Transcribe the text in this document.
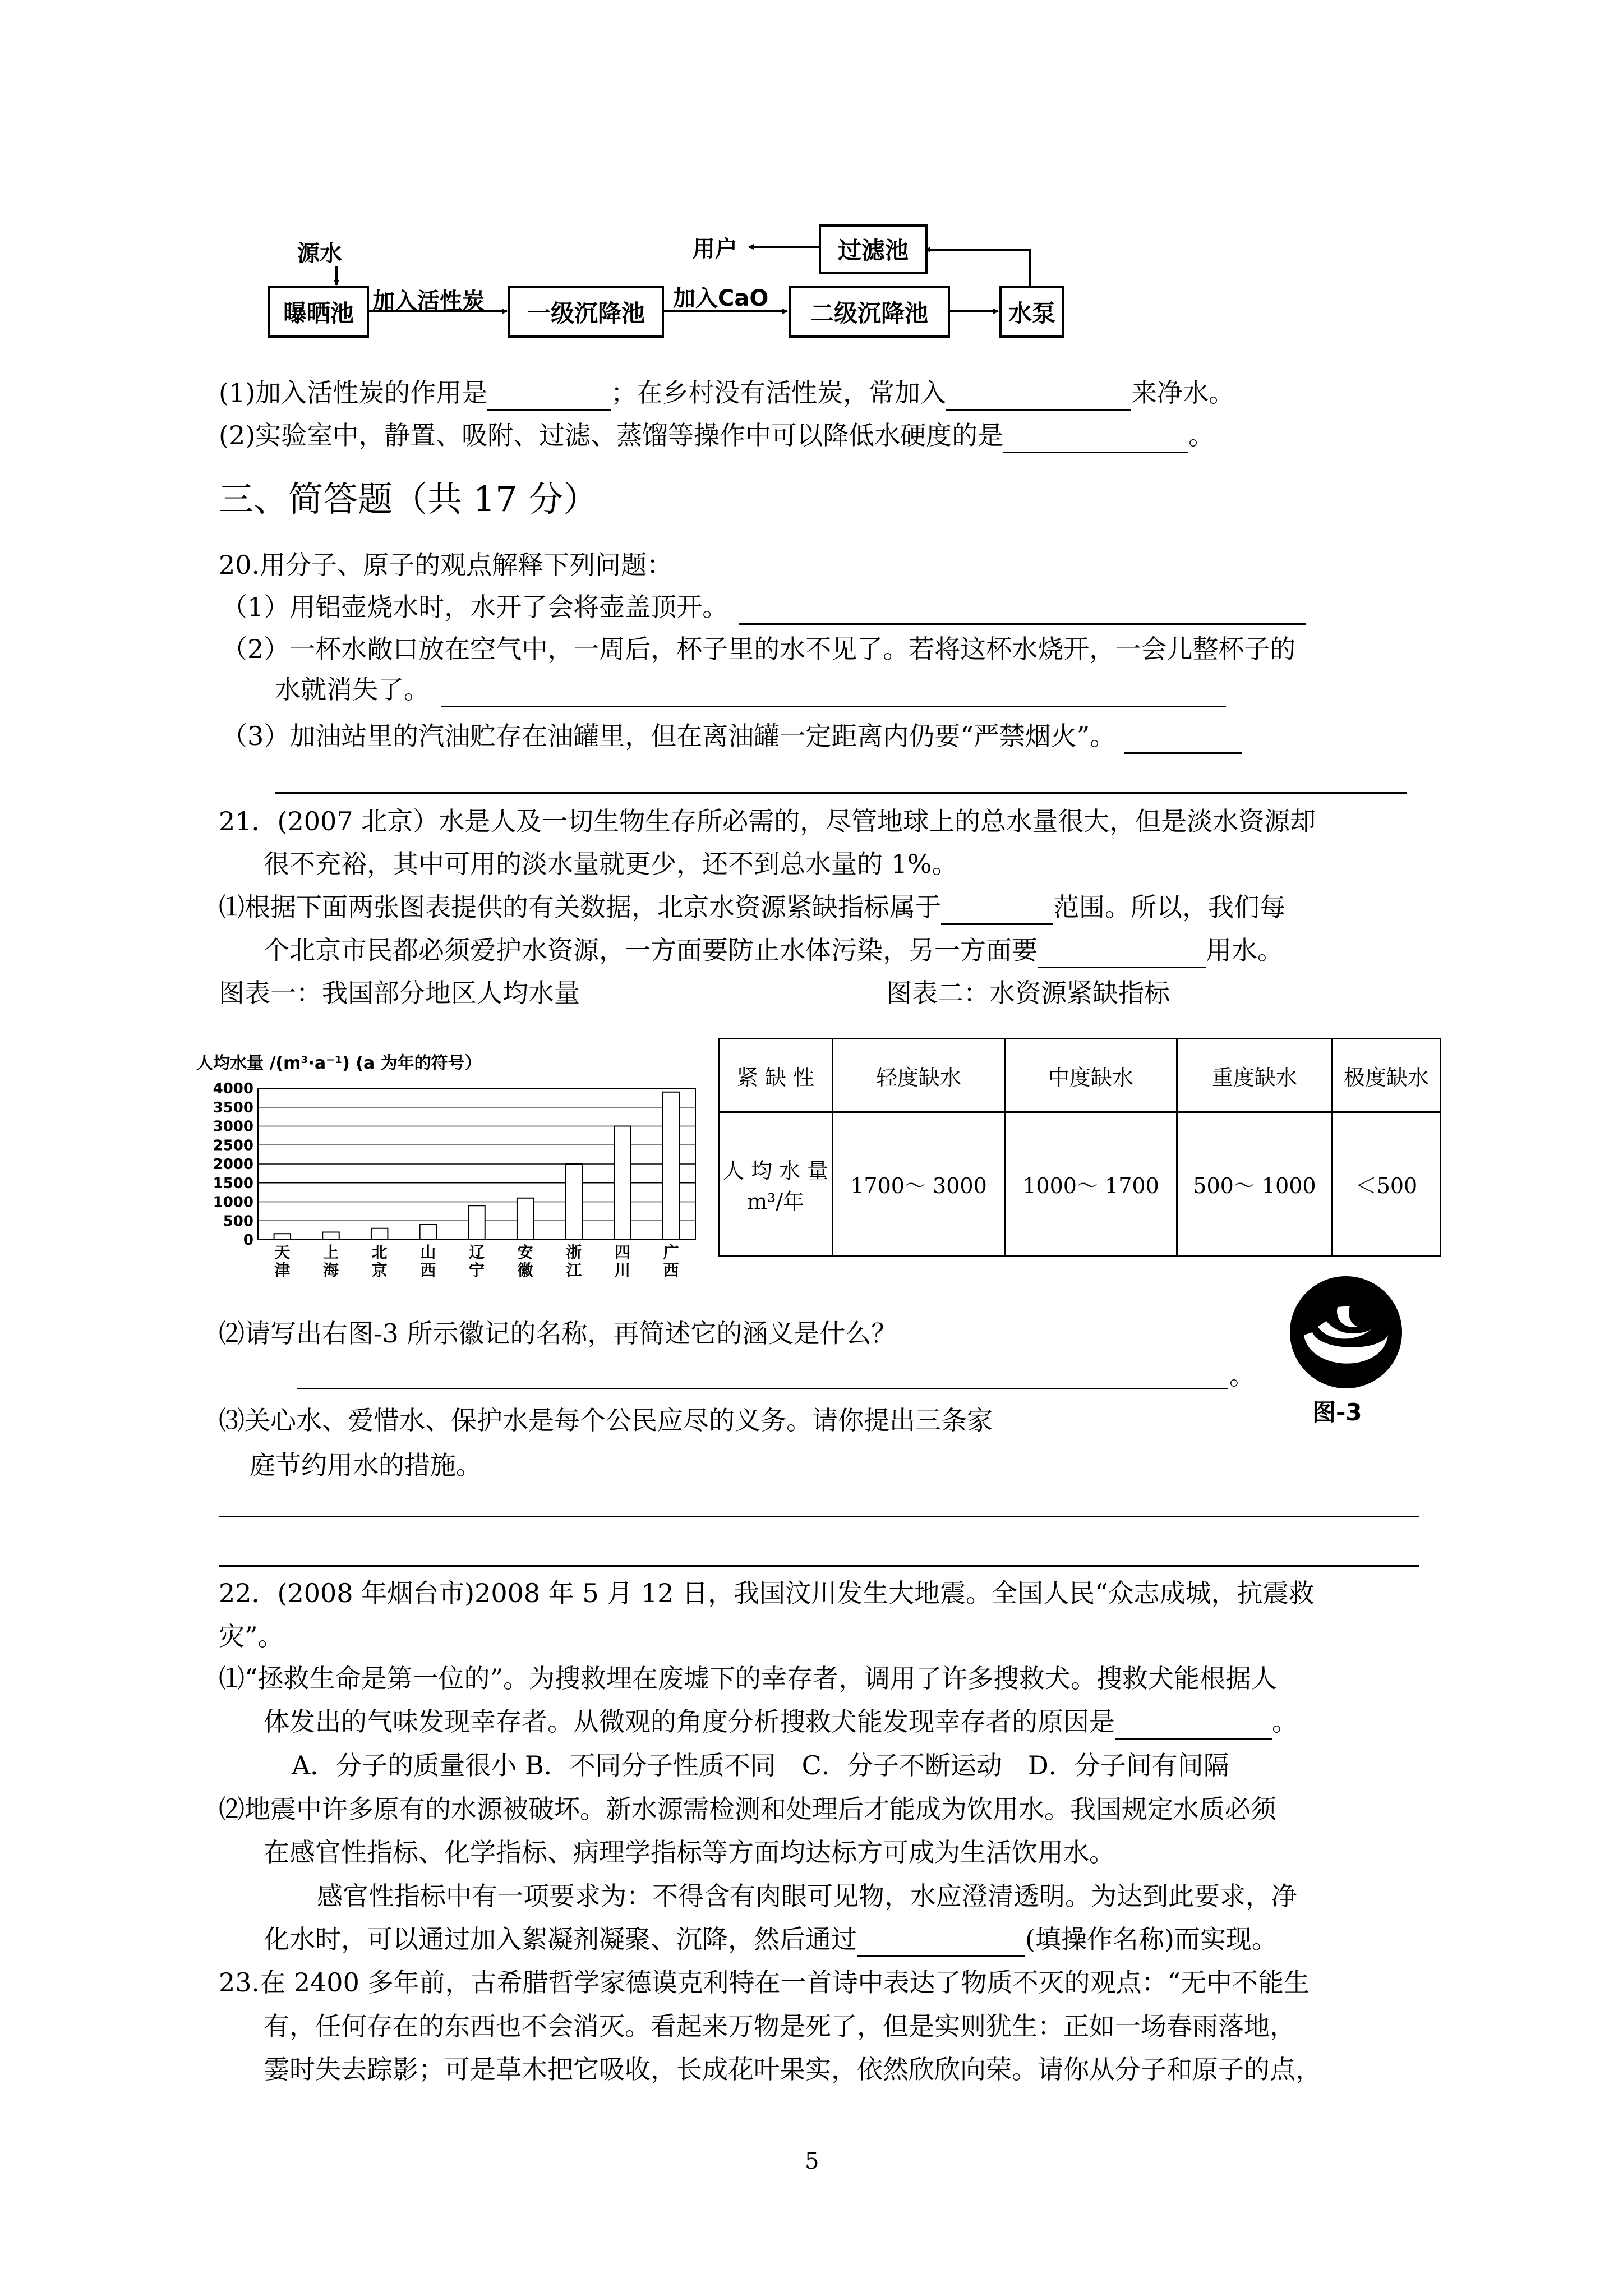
源水	用户	过滤池
曝晒池 加入活性炭	一级沉降池
加入CaO
二级沉降池	水泵
(1)加入活性炭的作用是	；在乡村没有活性炭，常加入	来净水。
(2)实验室中，静置、吸附、过滤、蒸馏等操作中可以降低水硬度的是	。
三、简答题（共 17 分）
20.用分子、原子的观点解释下列问题：
（1）用铝壶烧水时，水开了会将壶盖顶开。
（2）一杯水敞口放在空气中，一周后，杯子里的水不见了。若将这杯水烧开，一会儿整杯子的
水就消失了。
（3）加油站里的汽油贮存在油罐里，但在离油罐一定距离内仍要“严禁烟火”。
21．(2007 北京）水是人及一切生物生存所必需的，尽管地球上的总水量很大，但是淡水资源却
很不充裕，其中可用的淡水量就更少，还不到总水量的 1%。
⑴根据下面两张图表提供的有关数据，北京水资源紧缺指标属于	范围。所以，我们每
个北京市民都必须爱护水资源，一方面要防止水体污染，另一方面要	用水。
图表一：我国部分地区人均水量	图表二：水资源紧缺指标
人均水量 /(m³·a⁻¹) (a 为年的符号）
0
500
1000
1500
2000
2500
3000
3500
4000
天
津
上
海
北
京
山
西
辽
宁
安
徽
浙
江
四
川
广
西
紧 缺 性	轻度缺水	中度缺水	重度缺水	极度缺水
人 均 水 量 m³/年	1700～ 3000	1000～ 1700	500～ 1000	＜500
图-3
⑵请写出右图-3 所示徽记的名称，再简述它的涵义是什么？
。
⑶关心水、爱惜水、保护水是每个公民应尽的义务。请你提出三条家
庭节约用水的措施。
22．(2008 年烟台市)2008 年 5 月 12 日，我国汶川发生大地震。全国人民“众志成城，抗震救
灾”。
⑴“拯救生命是第一位的”。为搜救埋在废墟下的幸存者，调用了许多搜救犬。搜救犬能根据人
体发出的气味发现幸存者。从微观的角度分析搜救犬能发现幸存者的原因是	。
A．分子的质量很小 B．不同分子性质不同　C．分子不断运动　D．分子间有间隔
⑵地震中许多原有的水源被破坏。新水源需检测和处理后才能成为饮用水。我国规定水质必须
在感官性指标、化学指标、病理学指标等方面均达标方可成为生活饮用水。
感官性指标中有一项要求为：不得含有肉眼可见物，水应澄清透明。为达到此要求，净
化水时，可以通过加入絮凝剂凝聚、沉降，然后通过	(填操作名称)而实现。
23.在 2400 多年前，古希腊哲学家德谟克利特在一首诗中表达了物质不灭的观点：“无中不能生
有，任何存在的东西也不会消灭。看起来万物是死了，但是实则犹生：正如一场春雨落地，
霎时失去踪影；可是草木把它吸收，长成花叶果实，依然欣欣向荣。请你从分子和原子的点，
5
